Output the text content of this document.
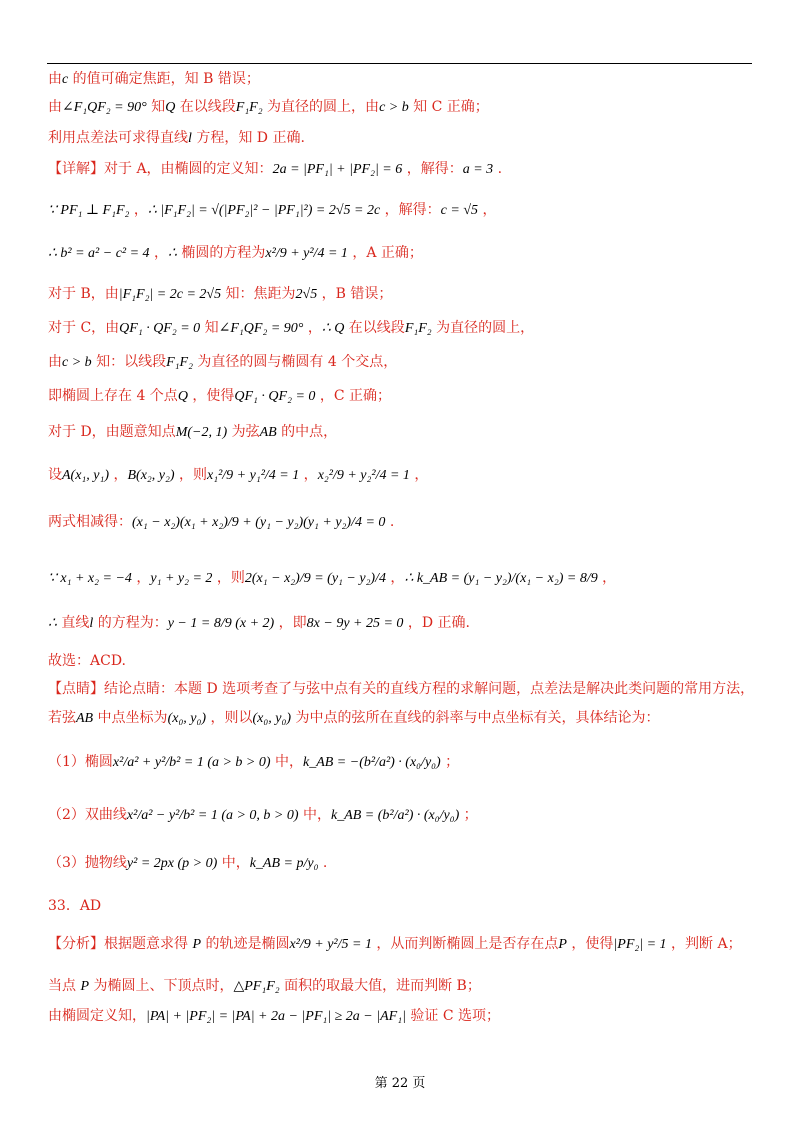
由c 的值可确定焦距，知 B 错误；
由∠F₁QF₂ = 90° 知Q 在以线段F₁F₂ 为直径的圆上，由c > b 知 C 正确；
利用点差法可求得直线l 方程，知 D 正确.
【详解】对于 A，由椭圆的定义知：2a = |PF₁| + |PF₂| = 6 ，解得：a = 3 .
∵ PF₁ ⊥ F₁F₂ ，∴ |F₁F₂| = √(|PF₂|² − |PF₁|²) = 2√5 = 2c ，解得：c = √5 ，
∴ b² = a² − c² = 4 ，∴ 椭圆的方程为x²/9 + y²/4 = 1 ，A 正确；
对于 B，由|F₁F₂| = 2c = 2√5 知：焦距为2√5 ，B 错误；
对于 C，由QF₁ · QF₂ = 0 知∠F₁QF₂ = 90° ，∴ Q 在以线段F₁F₂ 为直径的圆上，
由c > b 知：以线段F₁F₂ 为直径的圆与椭圆有 4 个交点，
即椭圆上存在 4 个点Q ，使得QF₁ · QF₂ = 0 ，C 正确；
对于 D，由题意知点M(−2, 1) 为弦AB 的中点，
设A(x₁, y₁) ，B(x₂, y₂) ，则x₁²/9 + y₁²/4 = 1 ，x₂²/9 + y₂²/4 = 1 ，
两式相减得：(x₁ − x₂)(x₁ + x₂)/9 + (y₁ − y₂)(y₁ + y₂)/4 = 0 .
∵ x₁ + x₂ = −4 ，y₁ + y₂ = 2 ，则2(x₁ − x₂)/9 = (y₁ − y₂)/4 ，∴ k_AB = (y₁ − y₂)/(x₁ − x₂) = 8/9 ，
∴ 直线l 的方程为：y − 1 = 8/9 (x + 2) ，即8x − 9y + 25 = 0 ，D 正确.
故选：ACD.
【点睛】结论点睛：本题 D 选项考查了与弦中点有关的直线方程的求解问题，点差法是解决此类问题的常用方法，
若弦AB 中点坐标为(x₀, y₀) ，则以(x₀, y₀) 为中点的弦所在直线的斜率与中点坐标有关，具体结论为：
（1）椭圆x²/a² + y²/b² = 1 (a > b > 0) 中，k_AB = −(b²/a²) · (x₀/y₀) ；
（2）双曲线x²/a² − y²/b² = 1 (a > 0, b > 0) 中，k_AB = (b²/a²) · (x₀/y₀) ；
（3）抛物线y² = 2px (p > 0) 中，k_AB = p/y₀ .
33．AD
【分析】根据题意求得 P 的轨迹是椭圆x²/9 + y²/5 = 1 ，从而判断椭圆上是否存在点P ，使得|PF₂| = 1 ，判断 A；
当点 P 为椭圆上、下顶点时，△PF₁F₂ 面积的取最大值，进而判断 B；
由椭圆定义知，|PA| + |PF₂| = |PA| + 2a − |PF₁| ≥ 2a − |AF₁| 验证 C 选项；
第 22 页
